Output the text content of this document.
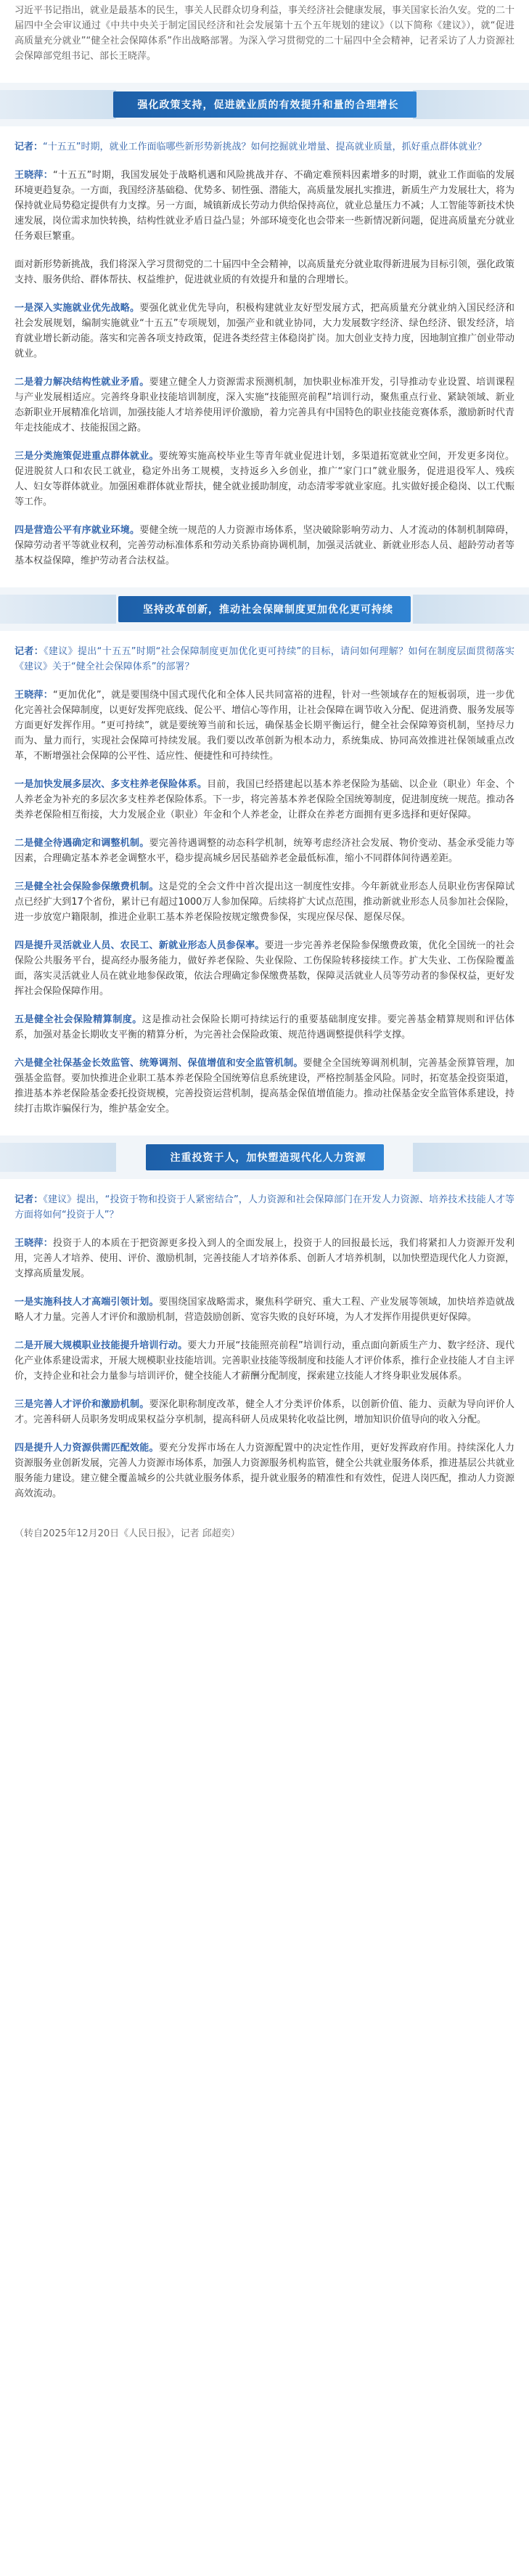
习近平书记指出，就业是最基本的民生，事关人民群众切身利益，事关经济社会健康发展，事关国家长治久安。党的二十届四中全会审议通过《中共中央关于制定国民经济和社会发展第十五个五年规划的建议》（以下简称《建议》），就“促进高质量充分就业”“健全社会保障体系”作出战略部署。为深入学习贯彻党的二十届四中全会精神，记者采访了人力资源社会保障部党组书记、部长王晓萍。

强化政策支持，促进就业质的有效提升和量的合理增长

记者：“十五五”时期，就业工作面临哪些新形势新挑战？如何挖掘就业增量、提高就业质量，抓好重点群体就业？

王晓萍：“十五五”时期，我国发展处于战略机遇和风险挑战并存、不确定难预料因素增多的时期，就业工作面临的发展环境更趋复杂。一方面，我国经济基础稳、优势多、韧性强、潜能大，高质量发展扎实推进，新质生产力发展壮大，将为保持就业局势稳定提供有力支撑。另一方面，城镇新成长劳动力供给保持高位，就业总量压力不减；人工智能等新技术快速发展，岗位需求加快转换，结构性就业矛盾日益凸显；外部环境变化也会带来一些新情况新问题，促进高质量充分就业任务艰巨繁重。

面对新形势新挑战，我们将深入学习贯彻党的二十届四中全会精神，以高质量充分就业取得新进展为目标引领，强化政策支持、服务供给、群体帮扶、权益维护，促进就业质的有效提升和量的合理增长。

一是深入实施就业优先战略。要强化就业优先导向，积极构建就业友好型发展方式，把高质量充分就业纳入国民经济和社会发展规划，编制实施就业“十五五”专项规划，加强产业和就业协同，大力发展数字经济、绿色经济、银发经济，培育就业增长新动能。落实和完善各项支持政策，促进各类经营主体稳岗扩岗。加大创业支持力度，因地制宜推广创业带动就业。

二是着力解决结构性就业矛盾。要建立健全人力资源需求预测机制，加快职业标准开发，引导推动专业设置、培训课程与产业发展相适应。完善终身职业技能培训制度，深入实施“技能照亮前程”培训行动，聚焦重点行业、紧缺领域、新业态新职业开展精准化培训，加强技能人才培养使用评价激励，着力完善具有中国特色的职业技能竞赛体系，激励新时代青年走技能成才、技能报国之路。

三是分类施策促进重点群体就业。要统筹实施高校毕业生等青年就业促进计划，多渠道拓宽就业空间，开发更多岗位。促进脱贫人口和农民工就业，稳定外出务工规模，支持返乡入乡创业，推广“家门口”就业服务，促进退役军人、残疾人、妇女等群体就业。加强困难群体就业帮扶，健全就业援助制度，动态清零零就业家庭。扎实做好援企稳岗、以工代赈等工作。

四是营造公平有序就业环境。要健全统一规范的人力资源市场体系，坚决破除影响劳动力、人才流动的体制机制障碍，保障劳动者平等就业权利，完善劳动标准体系和劳动关系协商协调机制，加强灵活就业、新就业形态人员、超龄劳动者等基本权益保障，维护劳动者合法权益。

坚持改革创新，推动社会保障制度更加优化更可持续

记者：《建议》提出“十五五”时期“社会保障制度更加优化更可持续”的目标，请问如何理解？如何在制度层面贯彻落实《建议》关于“健全社会保障体系”的部署？

王晓萍：“更加优化”，就是要围绕中国式现代化和全体人民共同富裕的进程，针对一些领域存在的短板弱项，进一步优化完善社会保障制度，以更好发挥兜底线、促公平、增信心等作用，让社会保障在调节收入分配、促进消费、服务发展等方面更好发挥作用。“更可持续”，就是要统筹当前和长远，确保基金长期平衡运行，健全社会保障筹资机制，坚持尽力而为、量力而行，实现社会保障可持续发展。我们要以改革创新为根本动力，系统集成、协同高效推进社保领域重点改革，不断增强社会保障的公平性、适应性、便捷性和可持续性。

一是加快发展多层次、多支柱养老保险体系。目前，我国已经搭建起以基本养老保险为基础、以企业（职业）年金、个人养老金为补充的多层次多支柱养老保险体系。下一步，将完善基本养老保险全国统筹制度，促进制度统一规范。推动各类养老保险相互衔接，大力发展企业（职业）年金和个人养老金，让群众在养老方面拥有更多选择和更好保障。

二是健全待遇确定和调整机制。要完善待遇调整的动态科学机制，统筹考虑经济社会发展、物价变动、基金承受能力等因素，合理确定基本养老金调整水平，稳步提高城乡居民基础养老金最低标准，缩小不同群体间待遇差距。

三是健全社会保险参保缴费机制。这是党的全会文件中首次提出这一制度性安排。今年新就业形态人员职业伤害保障试点已经扩大到17个省份，累计已有超过1000万人参加保障。后续将扩大试点范围，推动新就业形态人员参加社会保险，进一步放宽户籍限制，推进企业职工基本养老保险按规定缴费参保，实现应保尽保、愿保尽保。

四是提升灵活就业人员、农民工、新就业形态人员参保率。要进一步完善养老保险参保缴费政策，优化全国统一的社会保险公共服务平台，提高经办服务能力，做好养老保险、失业保险、工伤保险转移接续工作。扩大失业、工伤保险覆盖面，落实灵活就业人员在就业地参保政策，依法合理确定参保缴费基数，保障灵活就业人员等劳动者的参保权益，更好发挥社会保险保障作用。

五是健全社会保险精算制度。这是推动社会保险长期可持续运行的重要基础制度安排。要完善基金精算规则和评估体系，加强对基金长期收支平衡的精算分析，为完善社会保险政策、规范待遇调整提供科学支撑。

六是健全社保基金长效监管、统筹调剂、保值增值和安全监管机制。要健全全国统筹调剂机制，完善基金预算管理，加强基金监督。要加快推进企业职工基本养老保险全国统筹信息系统建设，严格控制基金风险。同时，拓宽基金投资渠道，推进基本养老保险基金委托投资规模，完善投资运营机制，提高基金保值增值能力。推动社保基金安全监管体系建设，持续打击欺诈骗保行为，维护基金安全。

注重投资于人，加快塑造现代化人力资源

记者：《建议》提出，“投资于物和投资于人紧密结合”，人力资源和社会保障部门在开发人力资源、培养技术技能人才等方面将如何“投资于人”？

王晓萍：投资于人的本质在于把资源更多投入到人的全面发展上，投资于人的回报最长远，我们将紧扣人力资源开发利用，完善人才培养、使用、评价、激励机制，完善技能人才培养体系、创新人才培养机制，以加快塑造现代化人力资源，支撑高质量发展。

一是实施科技人才高端引领计划。要围绕国家战略需求，聚焦科学研究、重大工程、产业发展等领域，加快培养造就战略人才力量。完善人才评价和激励机制，营造鼓励创新、宽容失败的良好环境，为人才发挥作用提供更好保障。

二是开展大规模职业技能提升培训行动。要大力开展“技能照亮前程”培训行动，重点面向新质生产力、数字经济、现代化产业体系建设需求，开展大规模职业技能培训。完善职业技能等级制度和技能人才评价体系，推行企业技能人才自主评价，支持企业和社会力量参与培训评价，健全技能人才薪酬分配制度，探索建立技能人才终身职业发展体系。

三是完善人才评价和激励机制。要深化职称制度改革，健全人才分类评价体系，以创新价值、能力、贡献为导向评价人才。完善科研人员职务发明成果权益分享机制，提高科研人员成果转化收益比例，增加知识价值导向的收入分配。

四是提升人力资源供需匹配效能。要充分发挥市场在人力资源配置中的决定性作用，更好发挥政府作用。持续深化人力资源服务业创新发展，完善人力资源市场体系，加强人力资源服务机构监管，健全公共就业服务体系，推进基层公共就业服务能力建设。建立健全覆盖城乡的公共就业服务体系，提升就业服务的精准性和有效性，促进人岗匹配，推动人力资源高效流动。

（转自2025年12月20日《人民日报》，记者 邱超奕）
